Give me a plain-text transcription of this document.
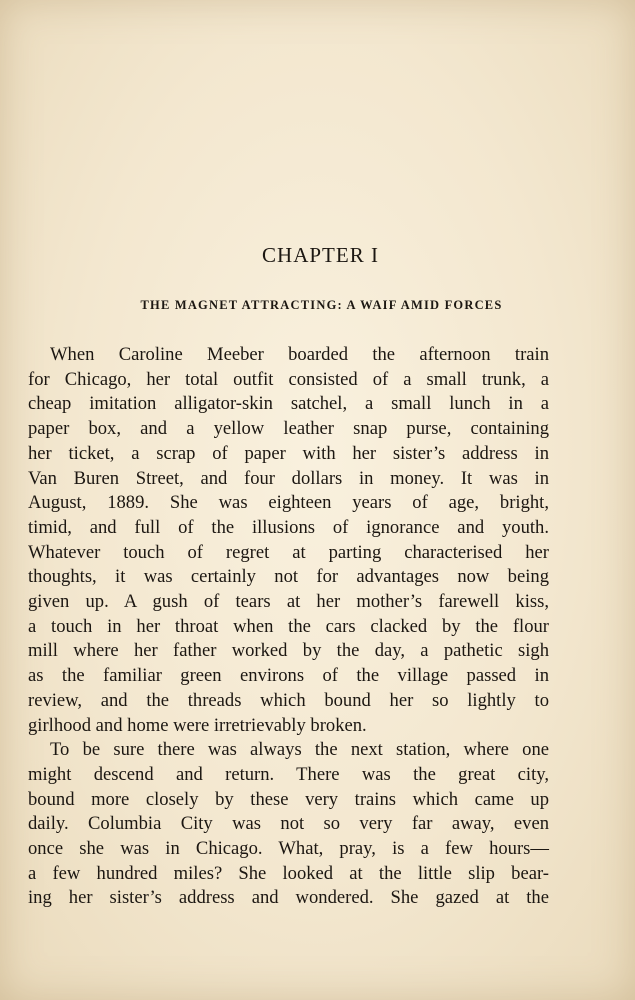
CHAPTER I
THE MAGNET ATTRACTING: A WAIF AMID FORCES
When Caroline Meeber boarded the afternoon train
for Chicago, her total outfit consisted of a small trunk, a
cheap imitation alligator-skin satchel, a small lunch in a
paper box, and a yellow leather snap purse, containing
her ticket, a scrap of paper with her sister’s address in
Van Buren Street, and four dollars in money. It was in
August, 1889. She was eighteen years of age, bright,
timid, and full of the illusions of ignorance and youth.
Whatever touch of regret at parting characterised her
thoughts, it was certainly not for advantages now being
given up. A gush of tears at her mother’s farewell kiss,
a touch in her throat when the cars clacked by the flour
mill where her father worked by the day, a pathetic sigh
as the familiar green environs of the village passed in
review, and the threads which bound her so lightly to
girlhood and home were irretrievably broken.
To be sure there was always the next station, where one
might descend and return. There was the great city,
bound more closely by these very trains which came up
daily. Columbia City was not so very far away, even
once she was in Chicago. What, pray, is a few hours—
a few hundred miles? She looked at the little slip bear-
ing her sister’s address and wondered. She gazed at the
